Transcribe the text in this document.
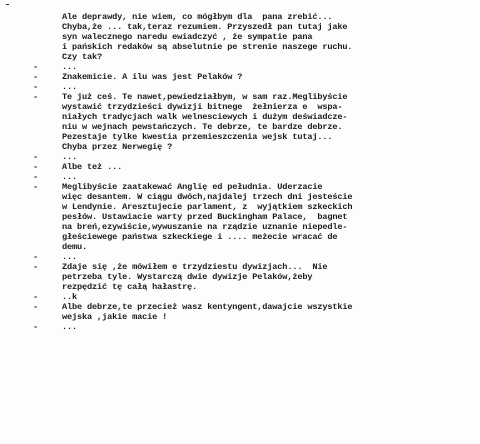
Ale deprawdy, nie wiem, co mógłbym dla  pana zrebić...
Chyba,że ... tak,teraz rezumiem. Przyszedł pan tutaj jake
syn walecznego naredu ewiadczyć , że sympatie pana
i pańskich redaków są abselutnie pe strenie naszege ruchu.
Czy tak?
-	...
-	Znakemicie. A ilu was jest Pelaków ?
-	...
-	Te już ceś. Te nawet,pewiedziałbym, w sam raz.Meglibyście
wystawić trzydzieści dywizji bitnege  żełnierza e  wspa-
niałych tradycjach walk welnesciewych i dużym deświadcze-
niu w wejnach pewstańczych. Te debrze, te bardze debrze.
Pezestaje tylke kwestia przemieszczenia wejsk tutaj...
Chyba przez Nerwegię ?
-	...
-	Albe też ...
-	...
-	Meglibyście zaatakewać Anglię ed pełudnia. Uderzacie
więc desantem. W ciągu dwóch,najdalej trzech dni jesteście
w Lendynie. Aresztujecie parlament, z  wyjątkiem szkeckich
pesłów. Ustawiacie warty przed Buckingham Palace,  bagnet
na breń,ezywiście,wywuszanie na rządzie uznanie niepedle-
głeściewege państwa szkeckiege i .... meżecie wracać de
demu.
-	...
-	Zdaje się ,że mówiłem e trzydziestu dywizjach...  Nie
petrzeba tyle. Wystarczą dwie dywizje Pelaków,żeby
rezpędzić tę całą hałastrę.
-	..k
-	Albe debrze,te przecież wasz kentyngent,dawajcie wszystkie
wejska ,jakie macie !
-	...
